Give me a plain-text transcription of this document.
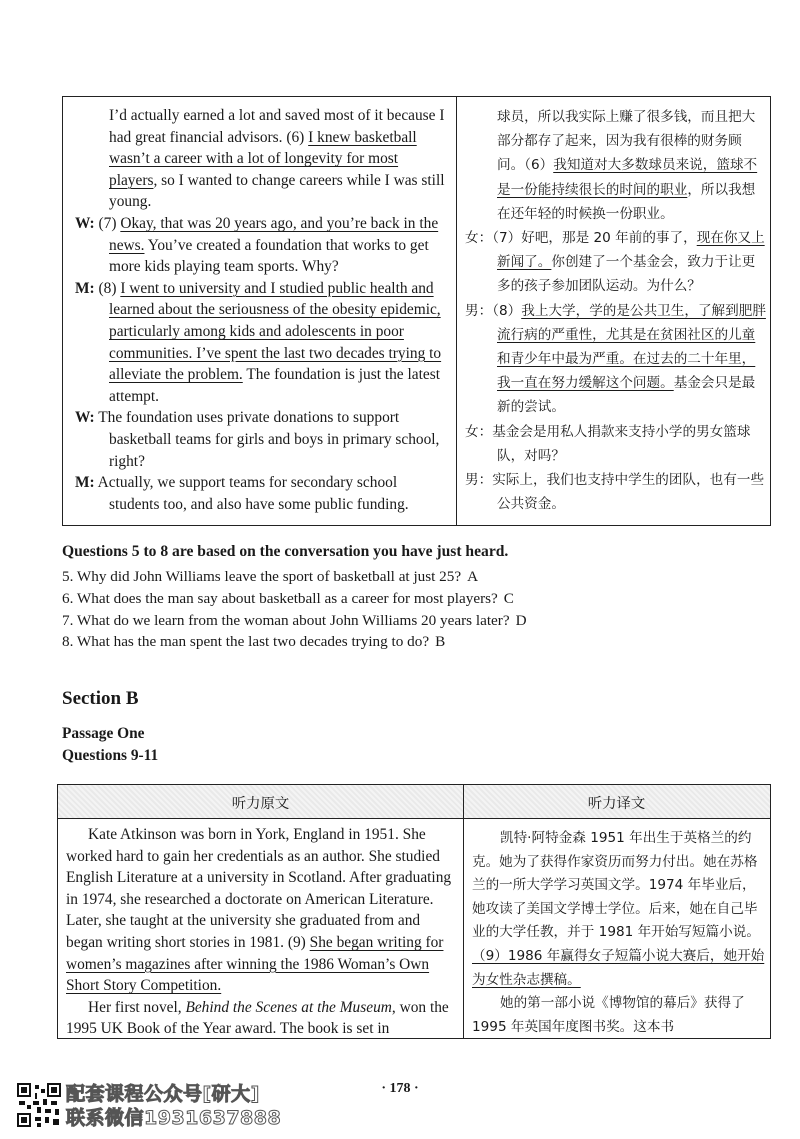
I’d actually earned a lot and saved most of it because I had great financial advisors. (6) I knew basketball wasn’t a career with a lot of longevity for most players, so I wanted to change careers while I was still young.
W: (7) Okay, that was 20 years ago, and you’re back in the news. You’ve created a foundation that works to get more kids playing team sports. Why?
M: (8) I went to university and I studied public health and learned about the seriousness of the obesity epidemic, particularly among kids and adolescents in poor communities. I’ve spent the last two decades trying to alleviate the problem. The foundation is just the latest attempt.
W: The foundation uses private donations to support basketball teams for girls and boys in primary school, right?
M: Actually, we support teams for secondary school students too, and also have some public funding.
球员，所以我实际上赚了很多钱，而且把大部分都存了起来，因为我有很棒的财务顾问。（6）我知道对大多数球员来说，篮球不是一份能持续很长的时间的职业，所以我想在还年轻的时候换一份职业。
女：（7）好吧，那是 20 年前的事了，现在你又上新闻了。你创建了一个基金会，致力于让更多的孩子参加团队运动。为什么？
男：（8）我上大学，学的是公共卫生，了解到肥胖流行病的严重性，尤其是在贫困社区的儿童和青少年中最为严重。在过去的二十年里，我一直在努力缓解这个问题。基金会只是最新的尝试。
女：基金会是用私人捐款来支持小学的男女篮球队，对吗？
男：实际上，我们也支持中学生的团队，也有一些公共资金。
Questions 5 to 8 are based on the conversation you have just heard.
5. Why did John Williams leave the sport of basketball at just 25? A
6. What does the man say about basketball as a career for most players? C
7. What do we learn from the woman about John Williams 20 years later? D
8. What has the man spent the last two decades trying to do? B
Section B
Passage One
Questions 9-11
听力原文	听力译文
Kate Atkinson was born in York, England in 1951. She worked hard to gain her credentials as an author. She studied English Literature at a university in Scotland. After graduating in 1974, she researched a doctorate on American Literature. Later, she taught at the university she graduated from and began writing short stories in 1981. (9) She began writing for women’s magazines after winning the 1986 Woman’s Own Short Story Competition.
Her first novel, Behind the Scenes at the Museum, won the 1995 UK Book of the Year award. The book is set in
凯特·阿特金森 1951 年出生于英格兰的约克。她为了获得作家资历而努力付出。她在苏格兰的一所大学学习英国文学。1974 年毕业后，她攻读了美国文学博士学位。后来，她在自己毕业的大学任教，并于 1981 年开始写短篇小说。（9）1986 年赢得女子短篇小说大赛后，她开始为女性杂志撰稿。
她的第一部小说《博物馆的幕后》获得了 1995 年英国年度图书奖。这本书
· 178 ·
配套课程公众号[研大]
联系微信1931637888
